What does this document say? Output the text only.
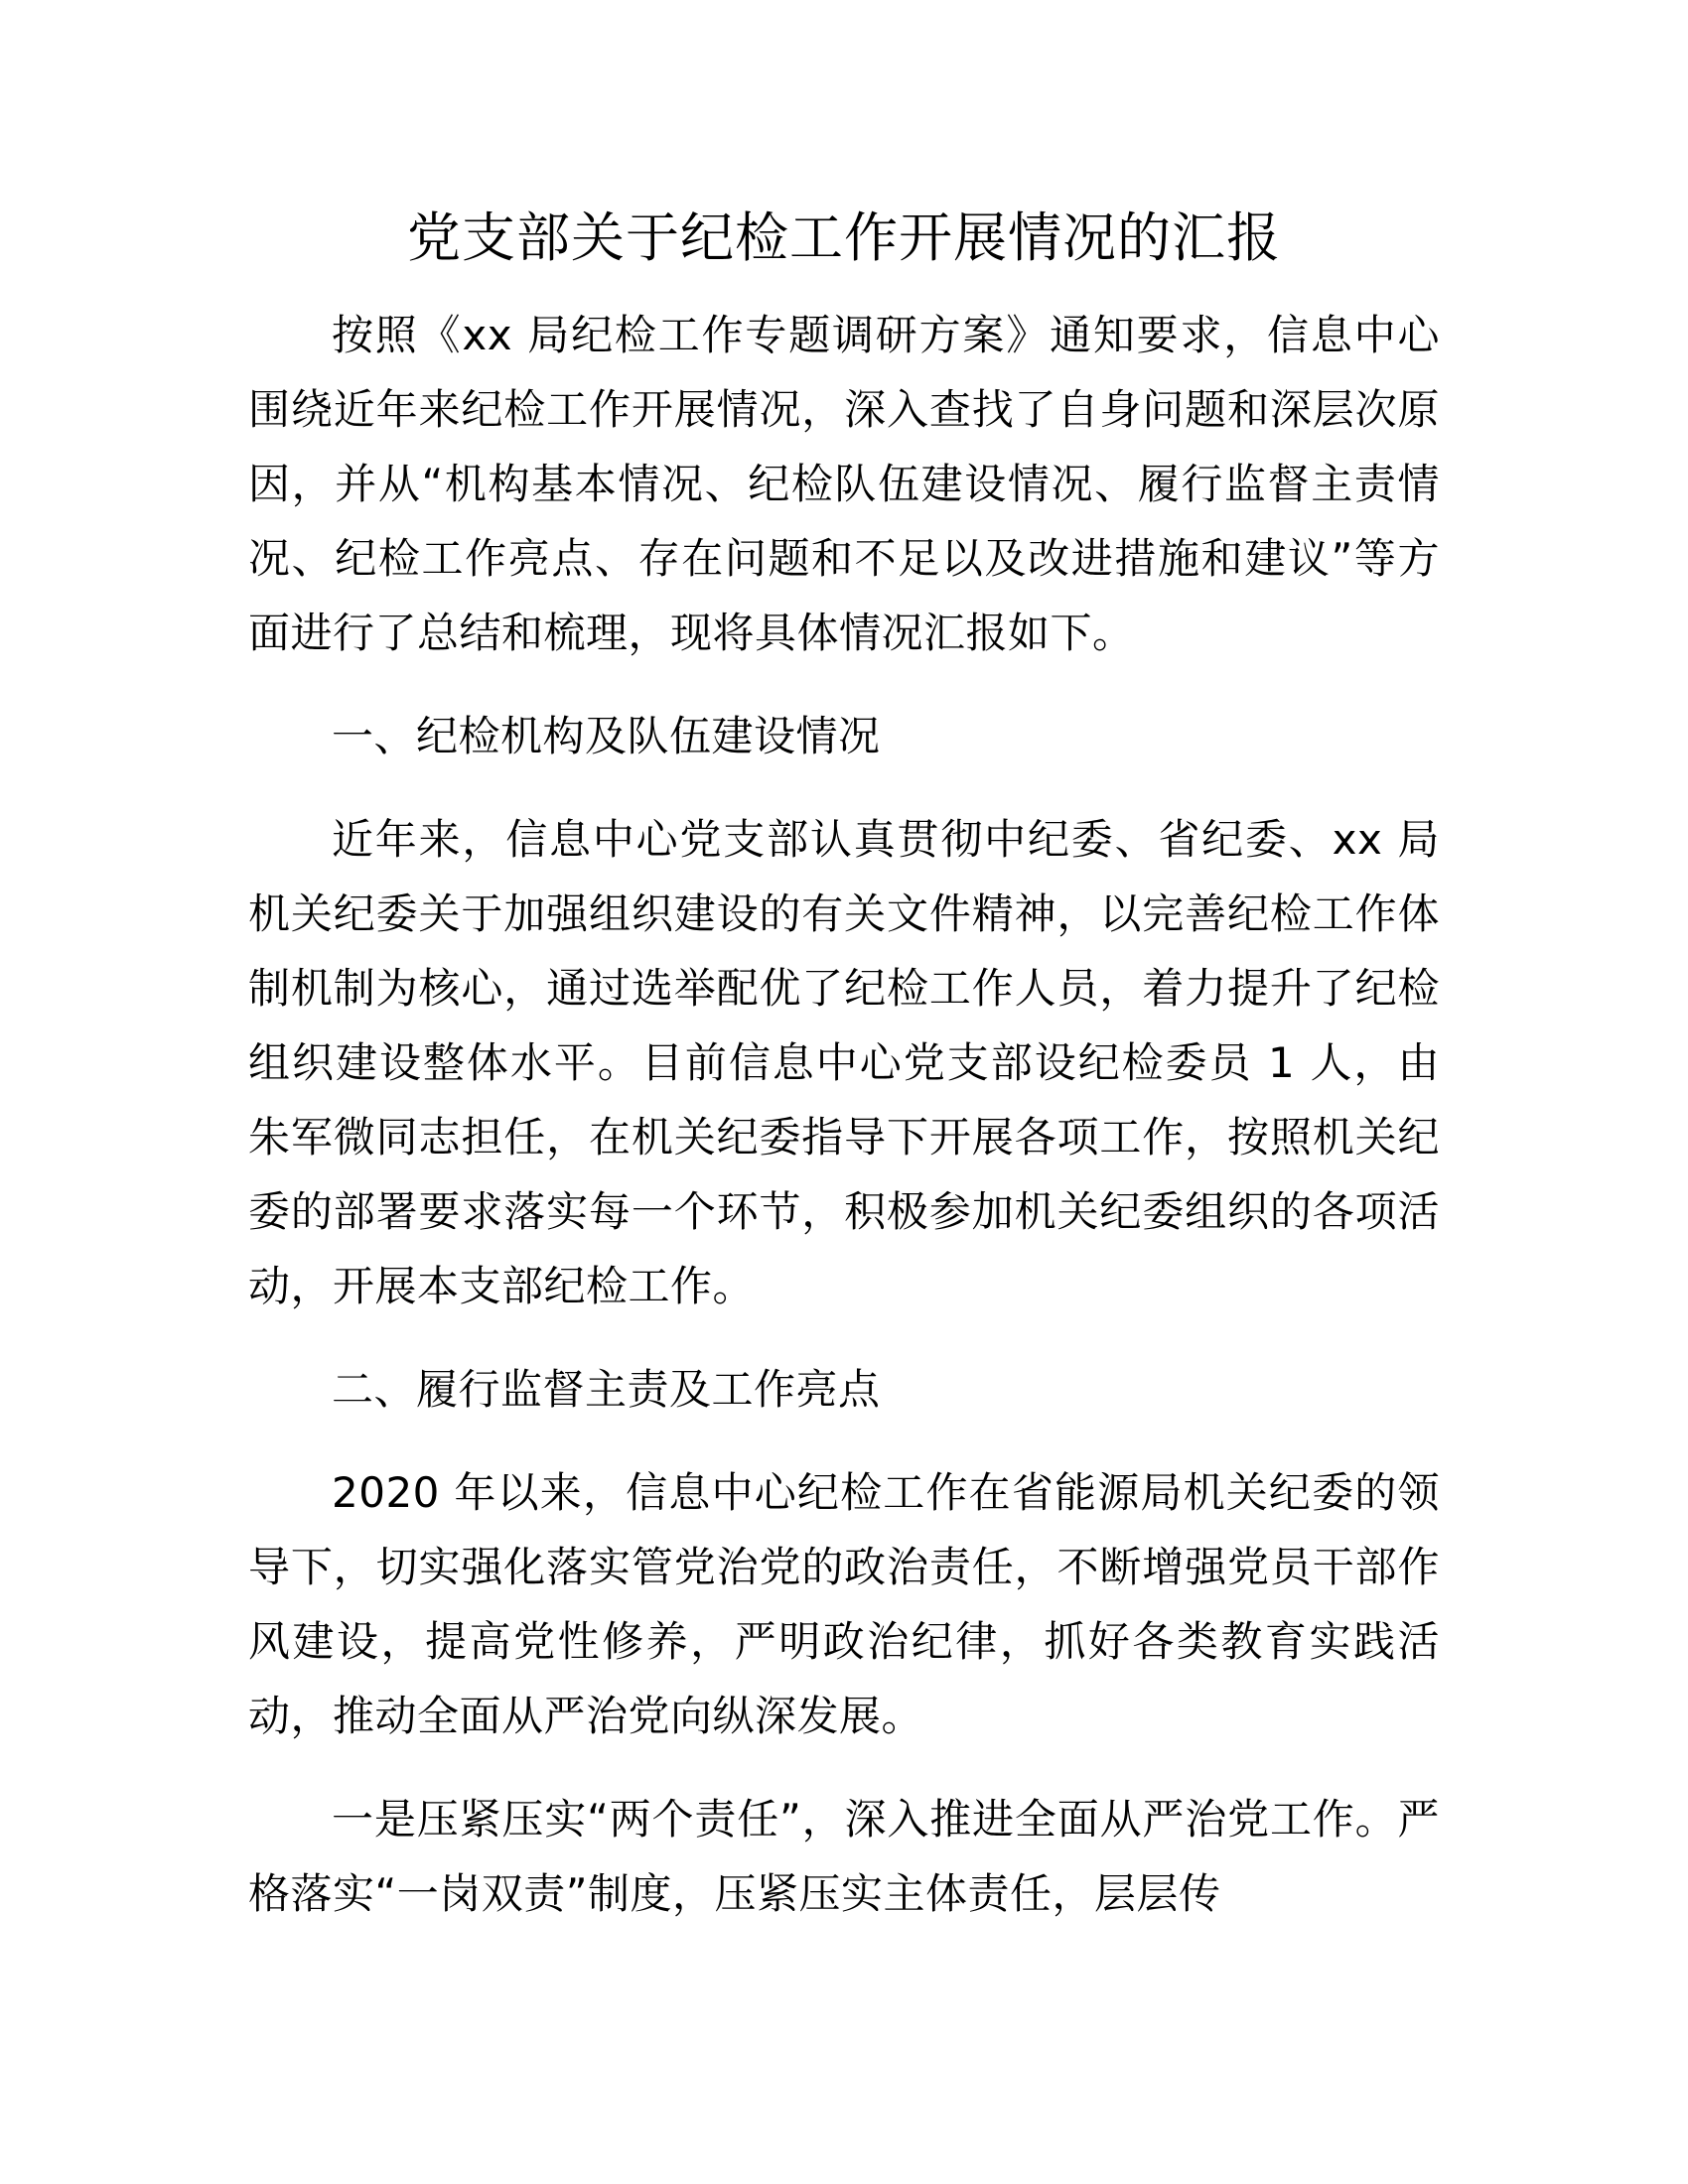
党支部关于纪检工作开展情况的汇报

按照《xx 局纪检工作专题调研方案》通知要求，信息中心围绕近年来纪检工作开展情况，深入查找了自身问题和深层次原因，并从“机构基本情况、纪检队伍建设情况、履行监督主责情况、纪检工作亮点、存在问题和不足以及改进措施和建议”等方面进行了总结和梳理，现将具体情况汇报如下。

一、纪检机构及队伍建设情况

近年来，信息中心党支部认真贯彻中纪委、省纪委、xx 局机关纪委关于加强组织建设的有关文件精神，以完善纪检工作体制机制为核心，通过选举配优了纪检工作人员，着力提升了纪检组织建设整体水平。目前信息中心党支部设纪检委员 1 人，由朱军微同志担任，在机关纪委指导下开展各项工作，按照机关纪委的部署要求落实每一个环节，积极参加机关纪委组织的各项活动，开展本支部纪检工作。

二、履行监督主责及工作亮点

2020 年以来，信息中心纪检工作在省能源局机关纪委的领导下，切实强化落实管党治党的政治责任，不断增强党员干部作风建设，提高党性修养，严明政治纪律，抓好各类教育实践活动，推动全面从严治党向纵深发展。

一是压紧压实“两个责任”，深入推进全面从严治党工作。严格落实“一岗双责”制度，压紧压实主体责任，层层传
